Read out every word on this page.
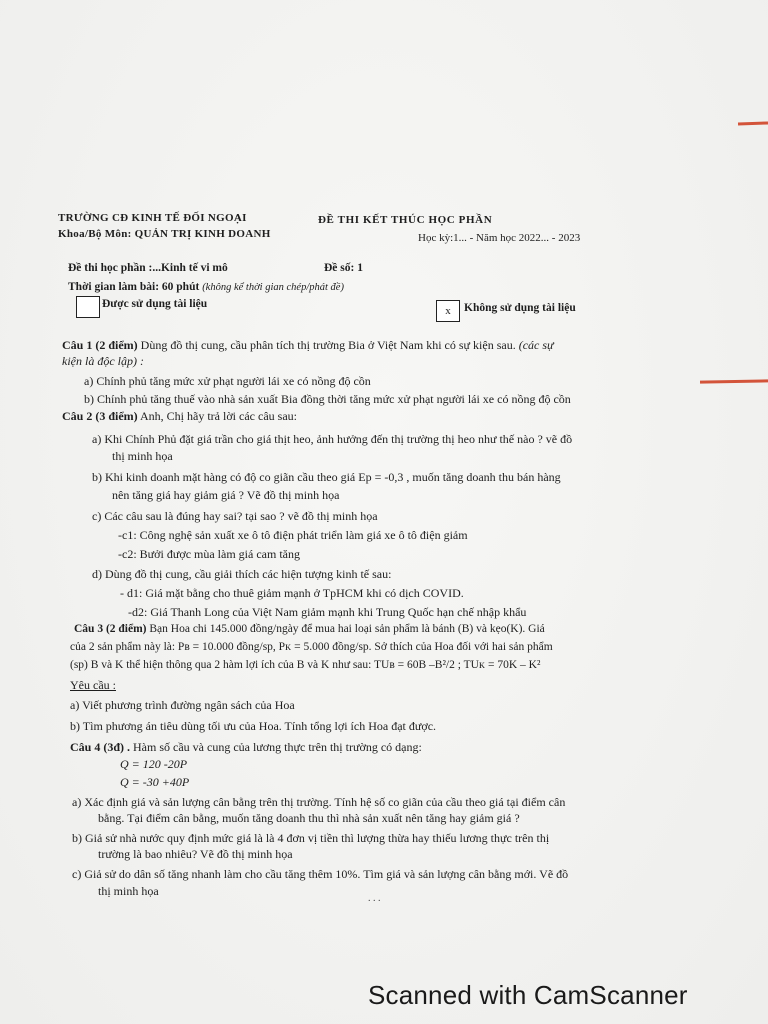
TRƯỜNG CĐ KINH TẾ ĐỐI NGOẠI
Khoa/Bộ Môn: QUẢN TRỊ KINH DOANH
ĐỀ THI KẾT THÚC HỌC PHẦN
Học kỳ:1... - Năm học 2022... - 2023
Đề thi học phần :...Kinh tế vi mô	Đề số: 1
Thời gian làm bài: 60 phút (không kể thời gian chép/phát đề)
Được sử dụng tài liệu
x	Không sử dụng tài liệu
Câu 1 (2 điểm) Dùng đồ thị cung, cầu phân tích thị trường Bia ở Việt Nam khi có sự kiện sau. (các sự
kiện là độc lập) :
a) Chính phủ tăng mức xử phạt người lái xe có nồng độ cồn
b) Chính phủ tăng thuế vào nhà sản xuất Bia đồng thời tăng mức xử phạt người lái xe có nồng độ cồn
Câu 2 (3 điểm) Anh, Chị hãy trả lời các câu sau:
a) Khi Chính Phủ đặt giá trần cho giá thịt heo, ảnh hưởng đến thị trường thị heo như thế nào ? vẽ đồ
thị minh họa
b) Khi kinh doanh mặt hàng có độ co giãn cầu theo giá Ep = -0,3 , muốn tăng doanh thu bán hàng
nên tăng giá hay giảm giá ? Vẽ đồ thị minh họa
c) Các câu sau là đúng hay sai? tại sao ? vẽ đồ thị minh họa
-c1: Công nghệ sản xuất xe ô tô điện phát triển làm giá xe ô tô điện giảm
-c2: Bưởi được mùa làm giá cam tăng
d) Dùng đồ thị cung, cầu giải thích các hiện tượng kinh tế sau:
- d1: Giá mặt bằng cho thuê giảm mạnh ở TpHCM khi có dịch COVID.
-d2: Giá Thanh Long của Việt Nam giảm mạnh khi Trung Quốc hạn chế nhập khẩu
Câu 3 (2 điểm) Bạn Hoa chi 145.000 đồng/ngày để mua hai loại sản phẩm là bánh (B) và kẹo(K). Giá
của 2 sản phẩm này là: Pʙ = 10.000 đồng/sp, Pᴋ = 5.000 đồng/sp. Sở thích của Hoa đối với hai sản phẩm
(sp) B và K thể hiện thông qua 2 hàm lợi ích của B và K như sau: TUʙ = 60B –B²/2 ; TUᴋ = 70K – K²
Yêu cầu :
a) Viết phương trình đường ngân sách của Hoa
b) Tìm phương án tiêu dùng tối ưu của Hoa. Tính tổng lợi ích Hoa đạt được.
Câu 4 (3đ) . Hàm số cầu và cung của lương thực trên thị trường có dạng:
Q = 120 -20P
Q = -30 +40P
a) Xác định giá và sản lượng cân bằng trên thị trường. Tính hệ số co giãn của cầu theo giá tại điểm cân
bằng. Tại điểm cân bằng, muốn tăng doanh thu thì nhà sản xuất nên tăng hay giảm giá ?
b) Giả sử nhà nước quy định mức giá là là 4 đơn vị tiền thì lượng thừa hay thiếu lương thực trên thị
trường là bao nhiêu? Vẽ đồ thị minh họa
c) Giả sử do dân số tăng nhanh làm cho cầu tăng thêm 10%. Tìm giá và sản lượng cân bằng mới. Vẽ đồ
thị minh họa
. . .
Scanned with CamScanner
